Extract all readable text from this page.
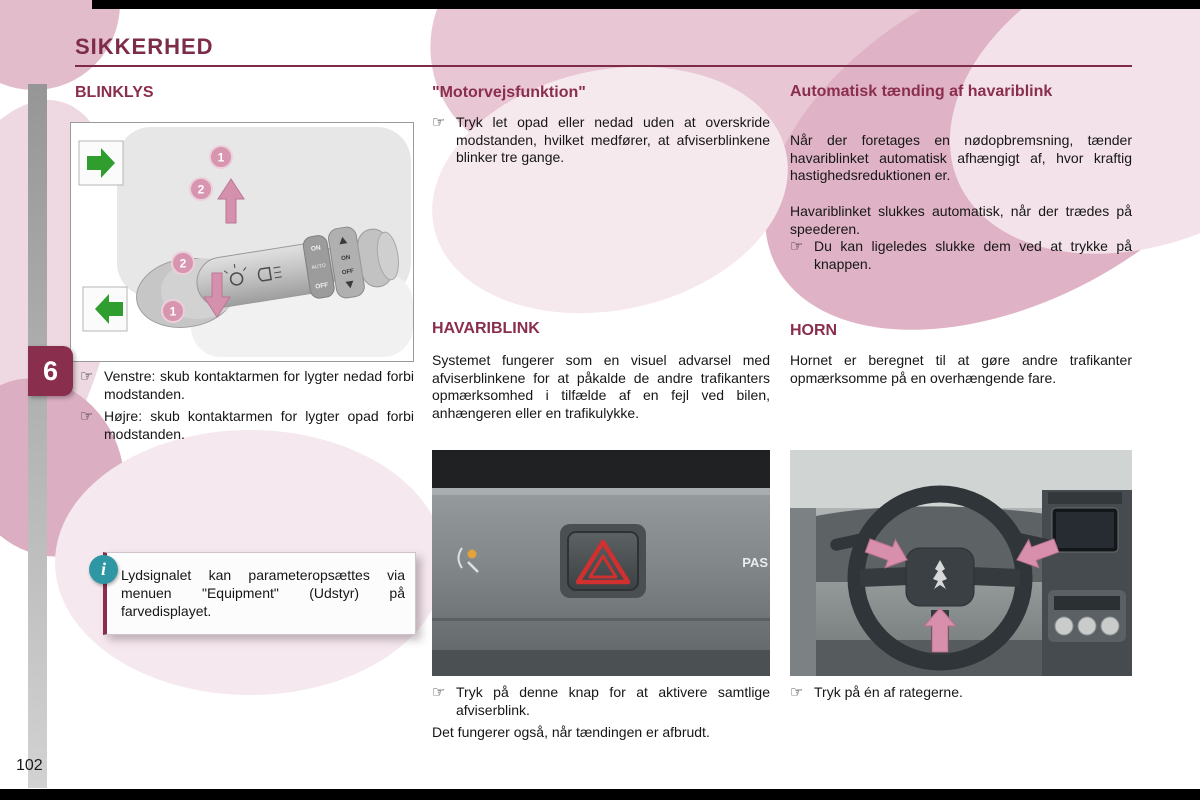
6
102
SIKKERHED
BLINKLYS
ON
AUTO
OFF
ON
OFF
1
2
2
1
☞ Venstre: skub kontaktarmen for lygter nedad forbi modstanden.
☞ Højre: skub kontaktarmen for lygter opad forbi modstanden.
i	Lydsignalet kan parameteropsættes via menuen "Equipment" (Udstyr) på farvedisplayet.
"Motorvejsfunktion"
☞ Tryk let opad eller nedad uden at overskride modstanden, hvilket medfører, at afviserblinkene blinker tre gange.
HAVARIBLINK
Systemet fungerer som en visuel advarsel med afviserblinkene for at påkalde de andre trafikanters opmærksomhed i tilfælde af en fejl ved bilen, anhængeren eller en trafikulykke.
PAS
☞ Tryk på denne knap for at aktivere samtlige afviserblink.
Det fungerer også, når tændingen er afbrudt.
Automatisk tænding af havariblink
Når der foretages en nødopbremsning, tænder havariblinket automatisk afhængigt af, hvor kraftig hastighedsreduktionen er.
Havariblinket slukkes automatisk, når der trædes på speederen.
☞ Du kan ligeledes slukke dem ved at trykke på knappen.
HORN
Hornet er beregnet til at gøre andre trafikanter opmærksomme på en overhængende fare.
☞ Tryk på én af rategerne.
